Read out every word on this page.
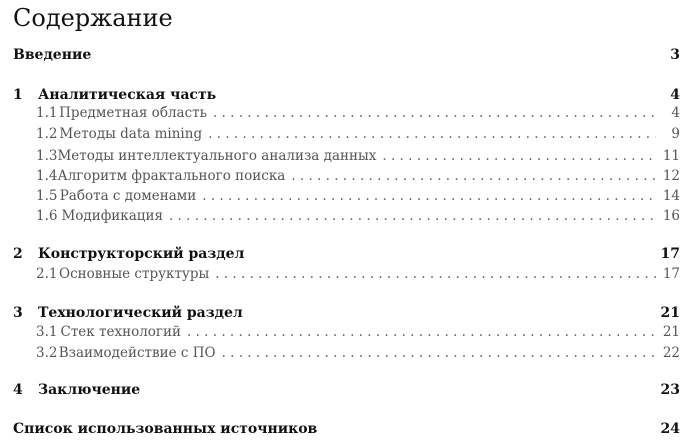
Содержание
Введение	3
1	Аналитическая часть	4
1.1 Предметная область . . .	4
1.2 Методы data mining . . .	9
1.3 Методы интеллектуального анализа данных . . .	11
1.4 Алгоритм фрактального поиска . . .	12
1.5 Работа с доменами . . .	14
1.6 Модификация . . .	16
2	Конструкторский раздел	17
2.1 Основные структуры . . .	17
3	Технологический раздел	21
3.1 Стек технологий . . .	21
3.2 Взаимодействие с ПО . . .	22
4	Заключение	23
Список использованных источников	24
